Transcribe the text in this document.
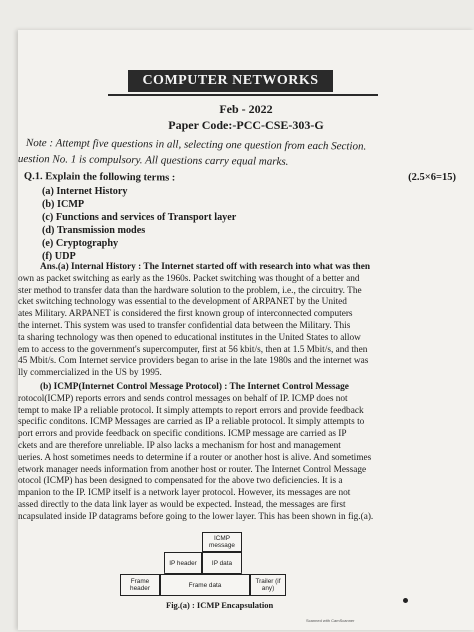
COMPUTER NETWORKS
Feb - 2022
Paper Code:-PCC-CSE-303-G
Note : Attempt five questions in all, selecting one question from each Section.
uestion No. 1 is compulsory. All questions carry equal marks.
Q.1. Explain the following terms :	(2.5×6=15)
(a) Internet History
(b) ICMP
(c) Functions and services of Transport layer
(d) Transmission modes
(e) Cryptography
(f) UDP
Ans.(a) Internal History : The Internet started off with research into what was then
own as packet switching as early as the 1960s. Packet switching was thought of a better and
ster method to transfer data than the hardware solution to the problem, i.e., the circuitry. The
cket switching technology was essential to the development of ARPANET by the United
ates Military. ARPANET is considered the first known group of interconnected computers
the internet. This system was used to transfer confidential data between the Military. This
ta sharing technology was then opened to educational institutes in the United States to allow
em to access to the government's supercomputer, first at 56 kbit/s, then at 1.5 Mbit/s, and then
45 Mbit/s. Com Internet service providers began to arise in the late 1980s and the internet was
lly commercialized in the US by 1995.
(b) ICMP(Internet Control Message Protocol) : The Internet Control Message
rotocol(ICMP) reports errors and sends control messages on behalf of IP. ICMP does not
tempt to make IP a reliable protocol. It simply attempts to report errors and provide feedback
specific conditons. ICMP Messages are carried as IP a reliable protocol. It simply attempts to
port errors and provide feedback on specific conditions. ICMP message are carried as IP
ckets and are therefore unreliable. IP also lacks a mechanism for host and management
ueries. A host sometimes needs to determine if a router or another host is alive. And sometimes
etwork manager needs information from another host or router. The Internet Control Message
otocol (ICMP) has been designed to compensated for the above two deficiencies. It is a
mpanion to the IP. ICMP itself is a network layer protocol. However, its messages are not
assed directly to the data link layer as would be expected. Instead, the messages are first
ncapsulated inside IP datagrams before going to the lower layer. This has been shown in fig.(a).
ICMP message
IP header	IP data
Frame header	Frame data	Trailer (if any)
Fig.(a) : ICMP Encapsulation
Scanned with CamScanner
